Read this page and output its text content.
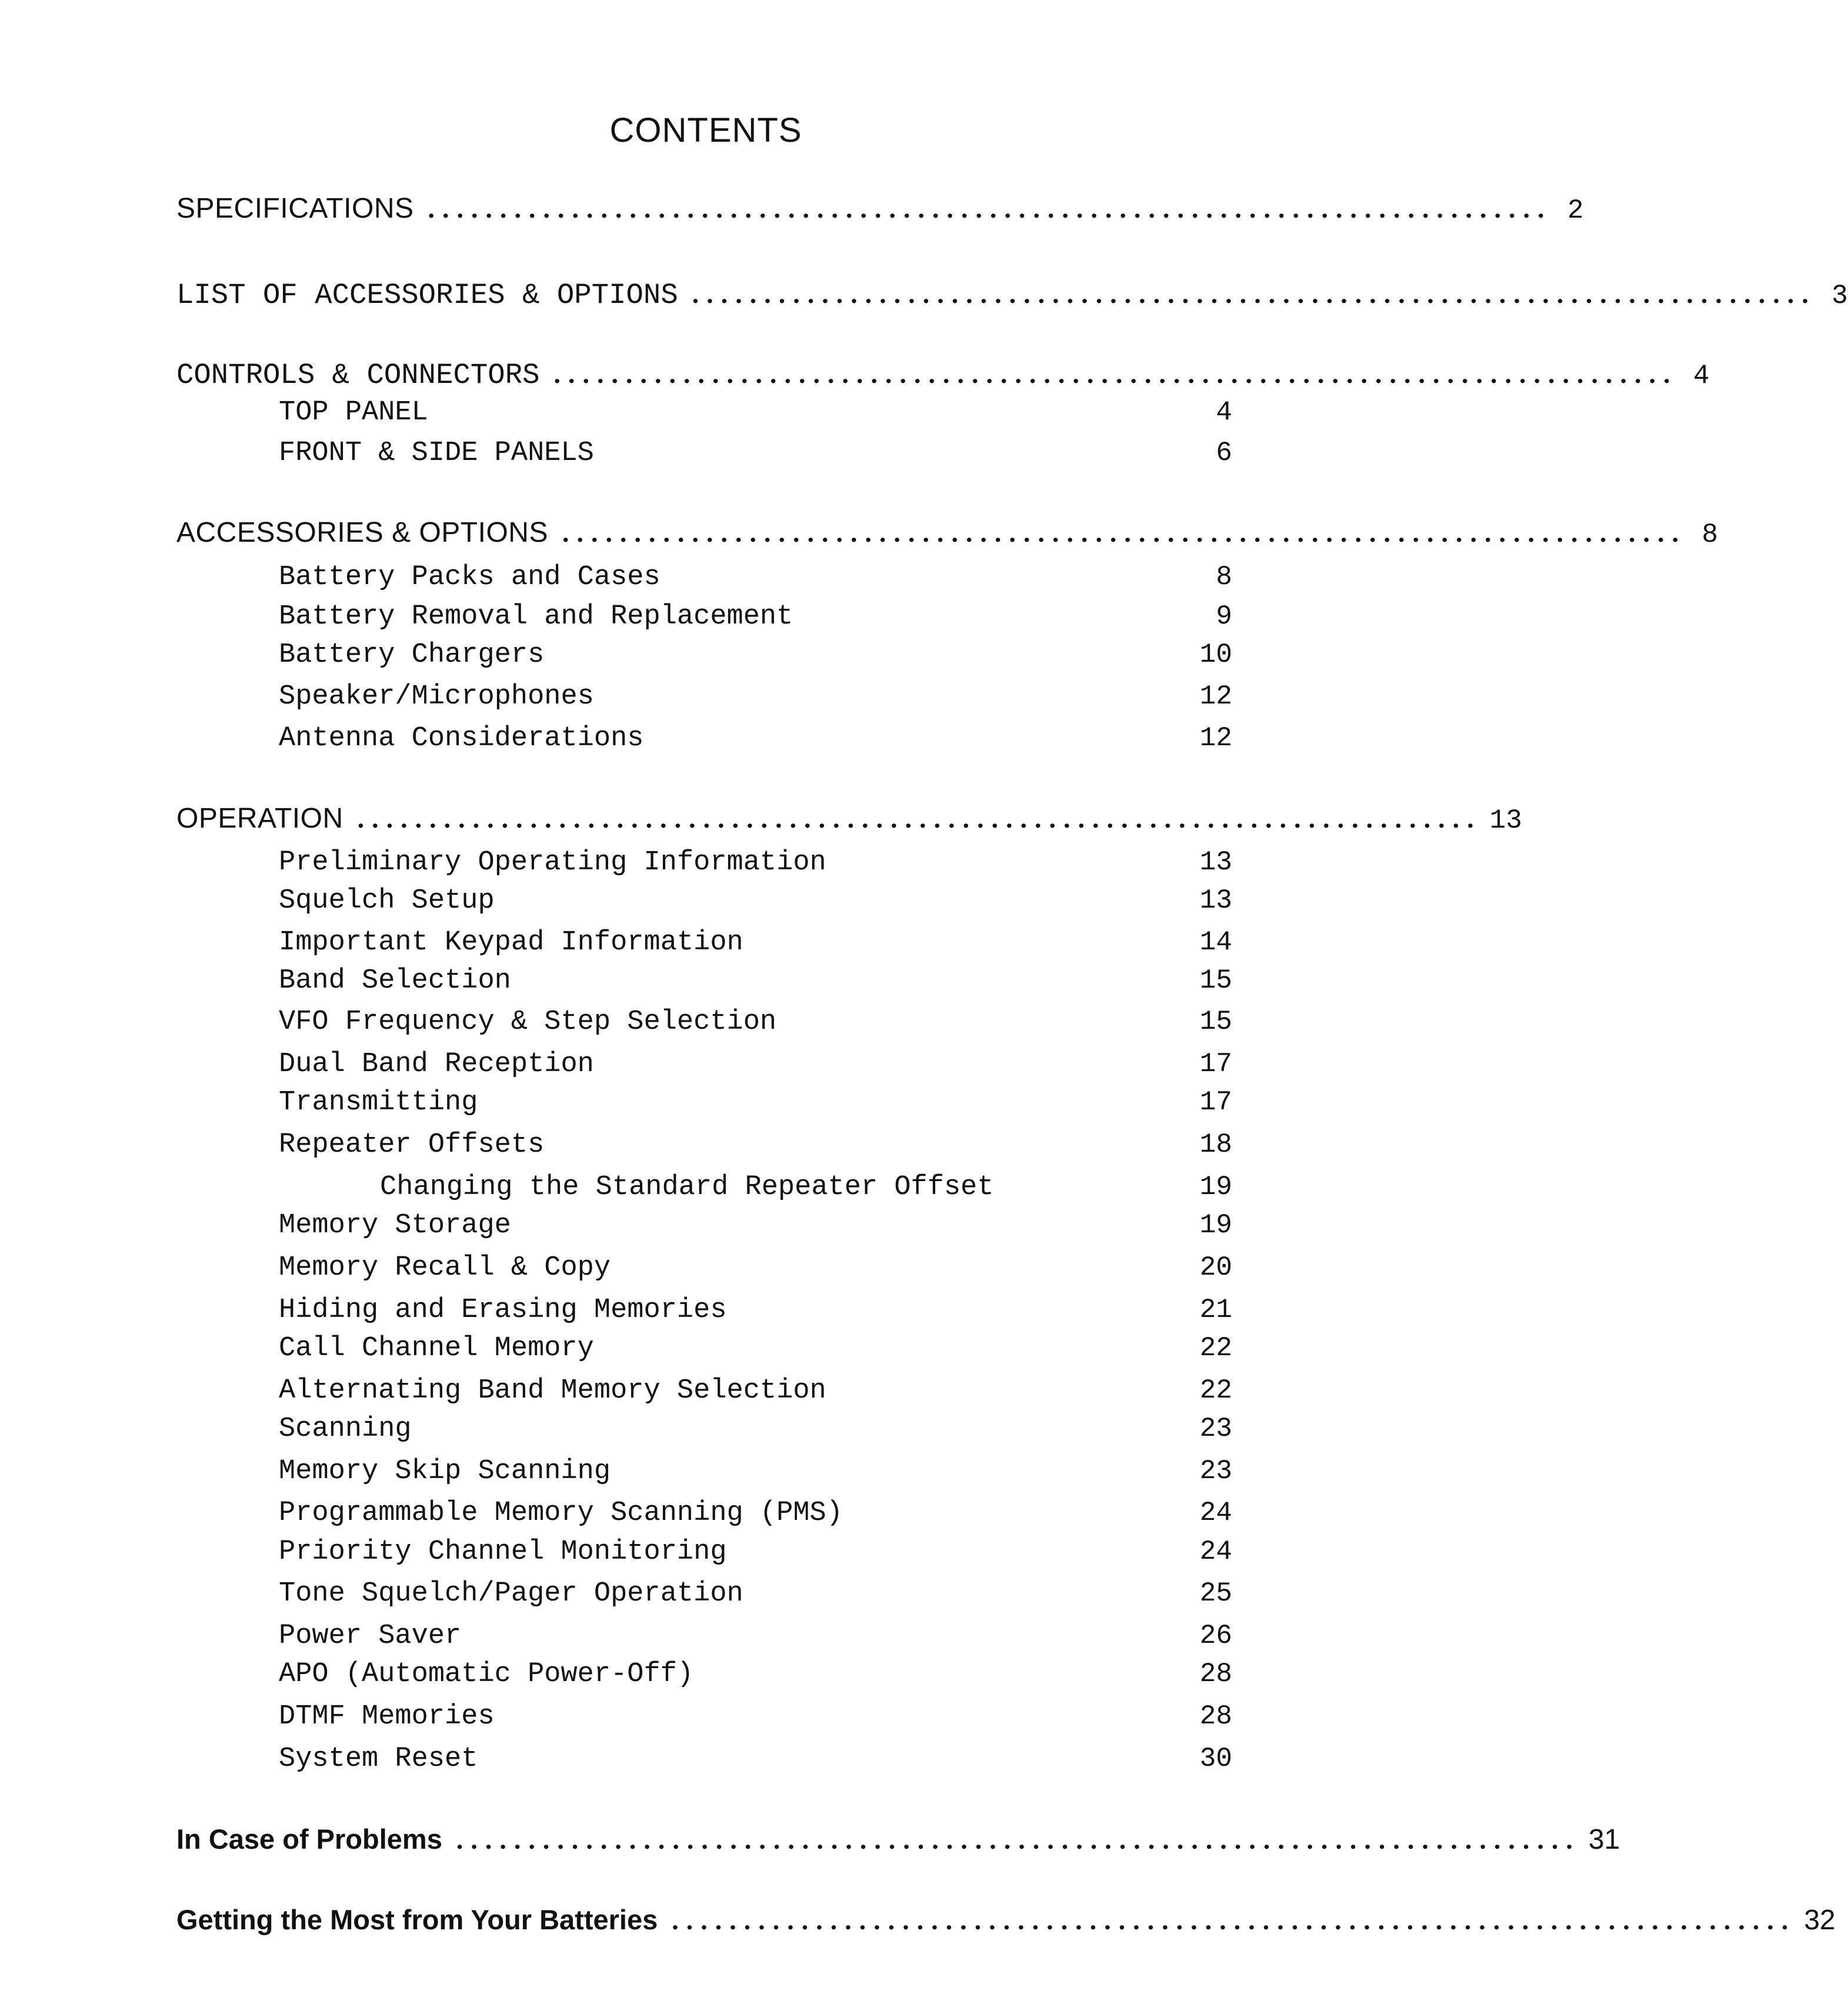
CONTENTS
SPECIFICATIONS .............................................................................. 2
LIST OF ACCESSORIES & OPTIONS .............................................................................. 3
CONTROLS & CONNECTORS .............................................................................. 4
TOP PANEL	4
FRONT & SIDE PANELS	6
ACCESSORIES & OPTIONS .............................................................................. 8
Battery Packs and Cases	8
Battery Removal and Replacement	9
Battery Chargers	10
Speaker/Microphones	12
Antenna Considerations	12
OPERATION .............................................................................. 13
Preliminary Operating Information	13
Squelch Setup	13
Important Keypad Information	14
Band Selection	15
VFO Frequency & Step Selection	15
Dual Band Reception	17
Transmitting	17
Repeater Offsets	18
Changing the Standard Repeater Offset	19
Memory Storage	19
Memory Recall & Copy	20
Hiding and Erasing Memories	21
Call Channel Memory	22
Alternating Band Memory Selection	22
Scanning	23
Memory Skip Scanning	23
Programmable Memory Scanning (PMS)	24
Priority Channel Monitoring	24
Tone Squelch/Pager Operation	25
Power Saver	26
APO (Automatic Power-Off)	28
DTMF Memories	28
System Reset	30
In Case of Problems .............................................................................. 31
Getting the Most from Your Batteries .............................................................................. 32
